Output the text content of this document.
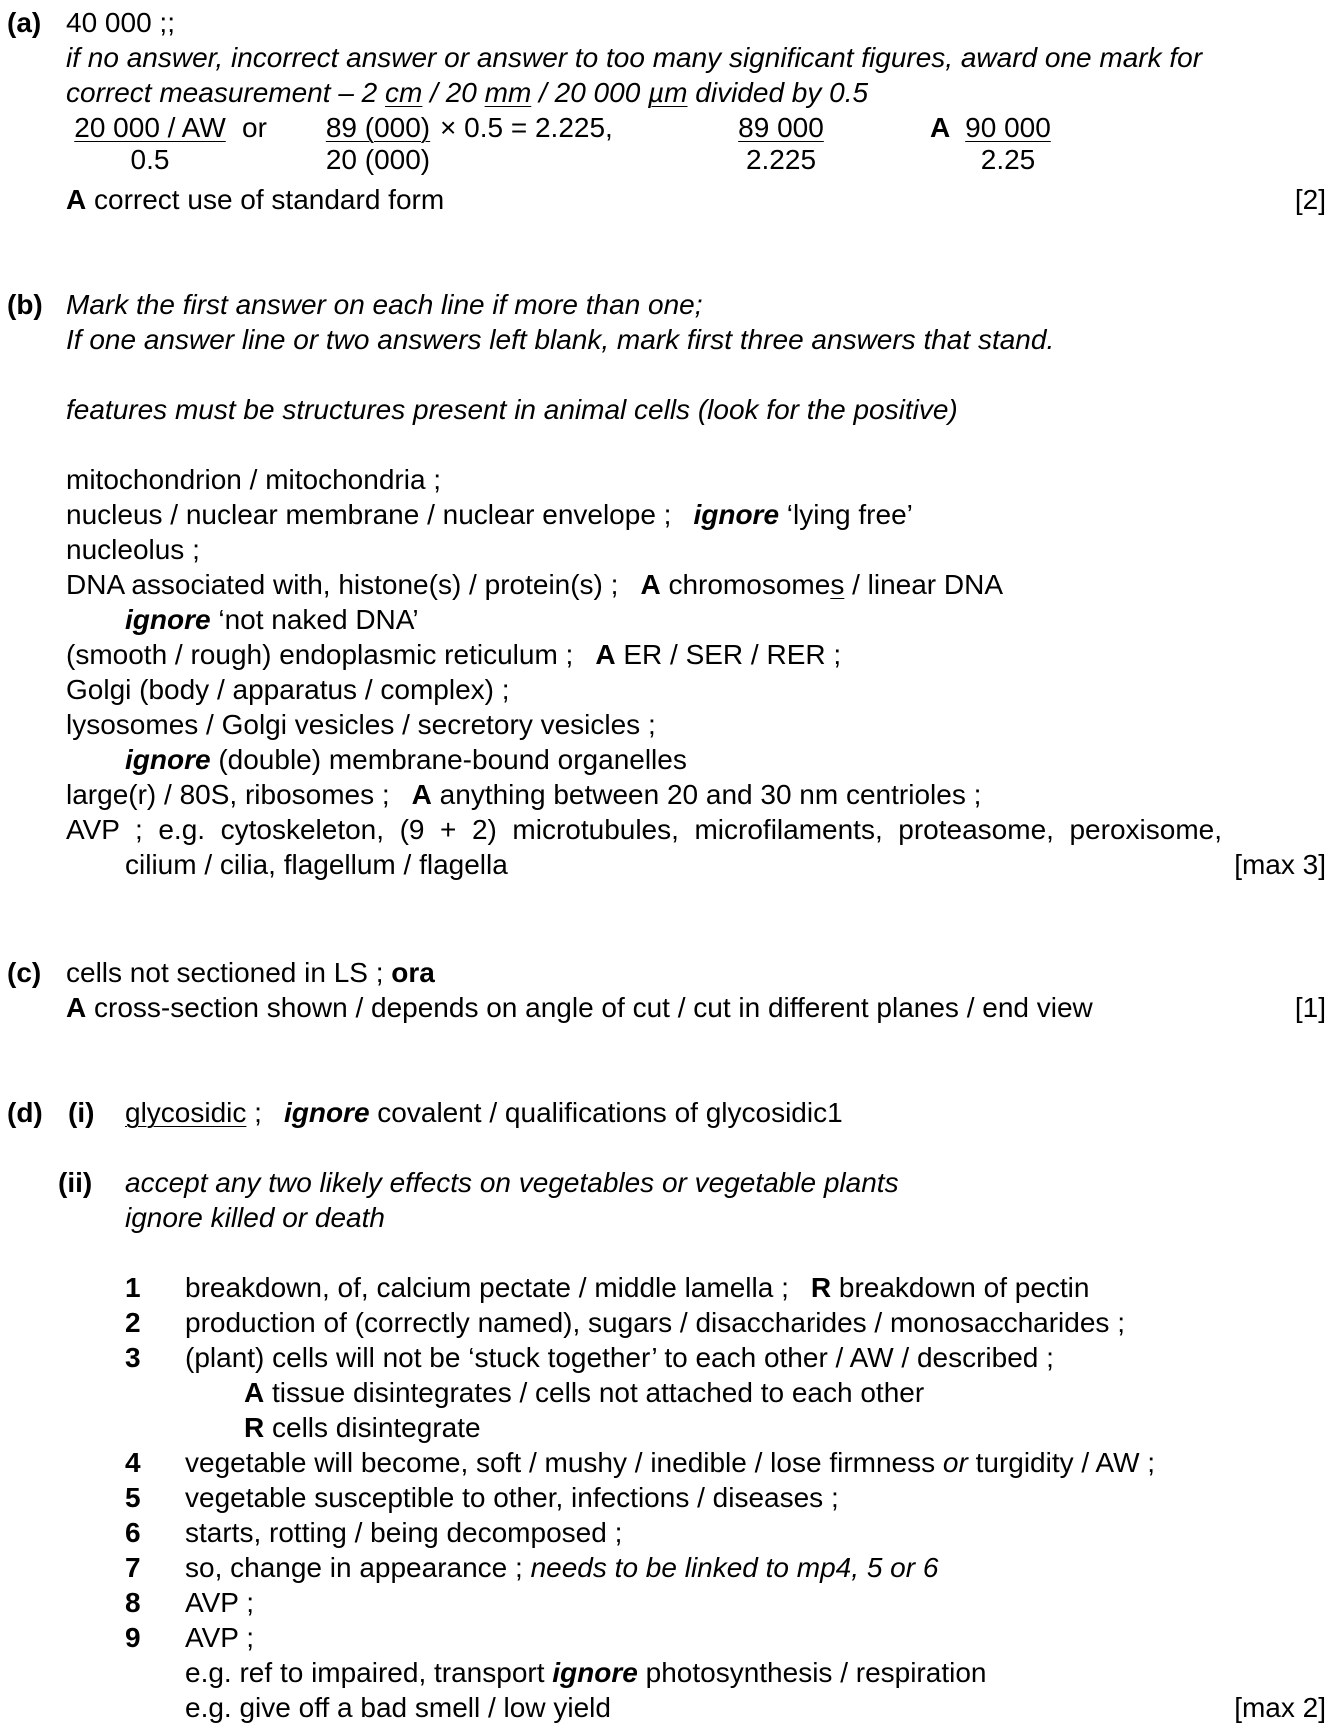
(a) 40 000 ;;
if no answer, incorrect answer or answer to too many significant figures, award one mark for
correct measurement – 2 cm / 20 mm / 20 000 µm divided by 0.5
$\frac{20 000 / AW}{0.5}$ or $\frac{89 (000)}{20 (000)} \times 0.5 = 2.225$,	$\frac{89 000}{2.225}$	A $\frac{90 000}{2.25}$
A correct use of standard form	[2]
(b) Mark the first answer on each line if more than one;
If one answer line or two answers left blank, mark first three answers that stand.
features must be structures present in animal cells (look for the positive)
mitochondrion / mitochondria ;
nucleus / nuclear membrane / nuclear envelope ; ignore ‘lying free’
nucleolus ;
DNA associated with, histone(s) / protein(s) ; A chromosomes / linear DNA
ignore ‘not naked DNA’
(smooth / rough) endoplasmic reticulum ; A ER / SER / RER ;
Golgi (body / apparatus / complex) ;
lysosomes / Golgi vesicles / secretory vesicles ;
ignore (double) membrane-bound organelles
large(r) / 80S, ribosomes ; A anything between 20 and 30 nm centrioles ;
AVP  ;  e.g.  cytoskeleton,  (9  +  2)  microtubules,  microfilaments,  proteasome,  peroxisome,
cilium / cilia, flagellum / flagella	[max 3]
(c) cells not sectioned in LS ; ora
A cross-section shown / depends on angle of cut / cut in different planes / end view	[1]
(d) (i) glycosidic ; ignore covalent / qualifications of glycosidic1
(ii) accept any two likely effects on vegetables or vegetable plants
ignore killed or death
1 breakdown, of, calcium pectate / middle lamella ; R breakdown of pectin
2 production of (correctly named), sugars / disaccharides / monosaccharides ;
3 (plant) cells will not be ‘stuck together’ to each other / AW / described ;
A tissue disintegrates / cells not attached to each other
R cells disintegrate
4 vegetable will become, soft / mushy / inedible / lose firmness or turgidity / AW ;
5 vegetable susceptible to other, infections / diseases ;
6 starts, rotting / being decomposed ;
7 so, change in appearance ; needs to be linked to mp4, 5 or 6
8 AVP ;
9 AVP ;
e.g. ref to impaired, transport ignore photosynthesis / respiration
e.g. give off a bad smell / low yield	[max 2]
